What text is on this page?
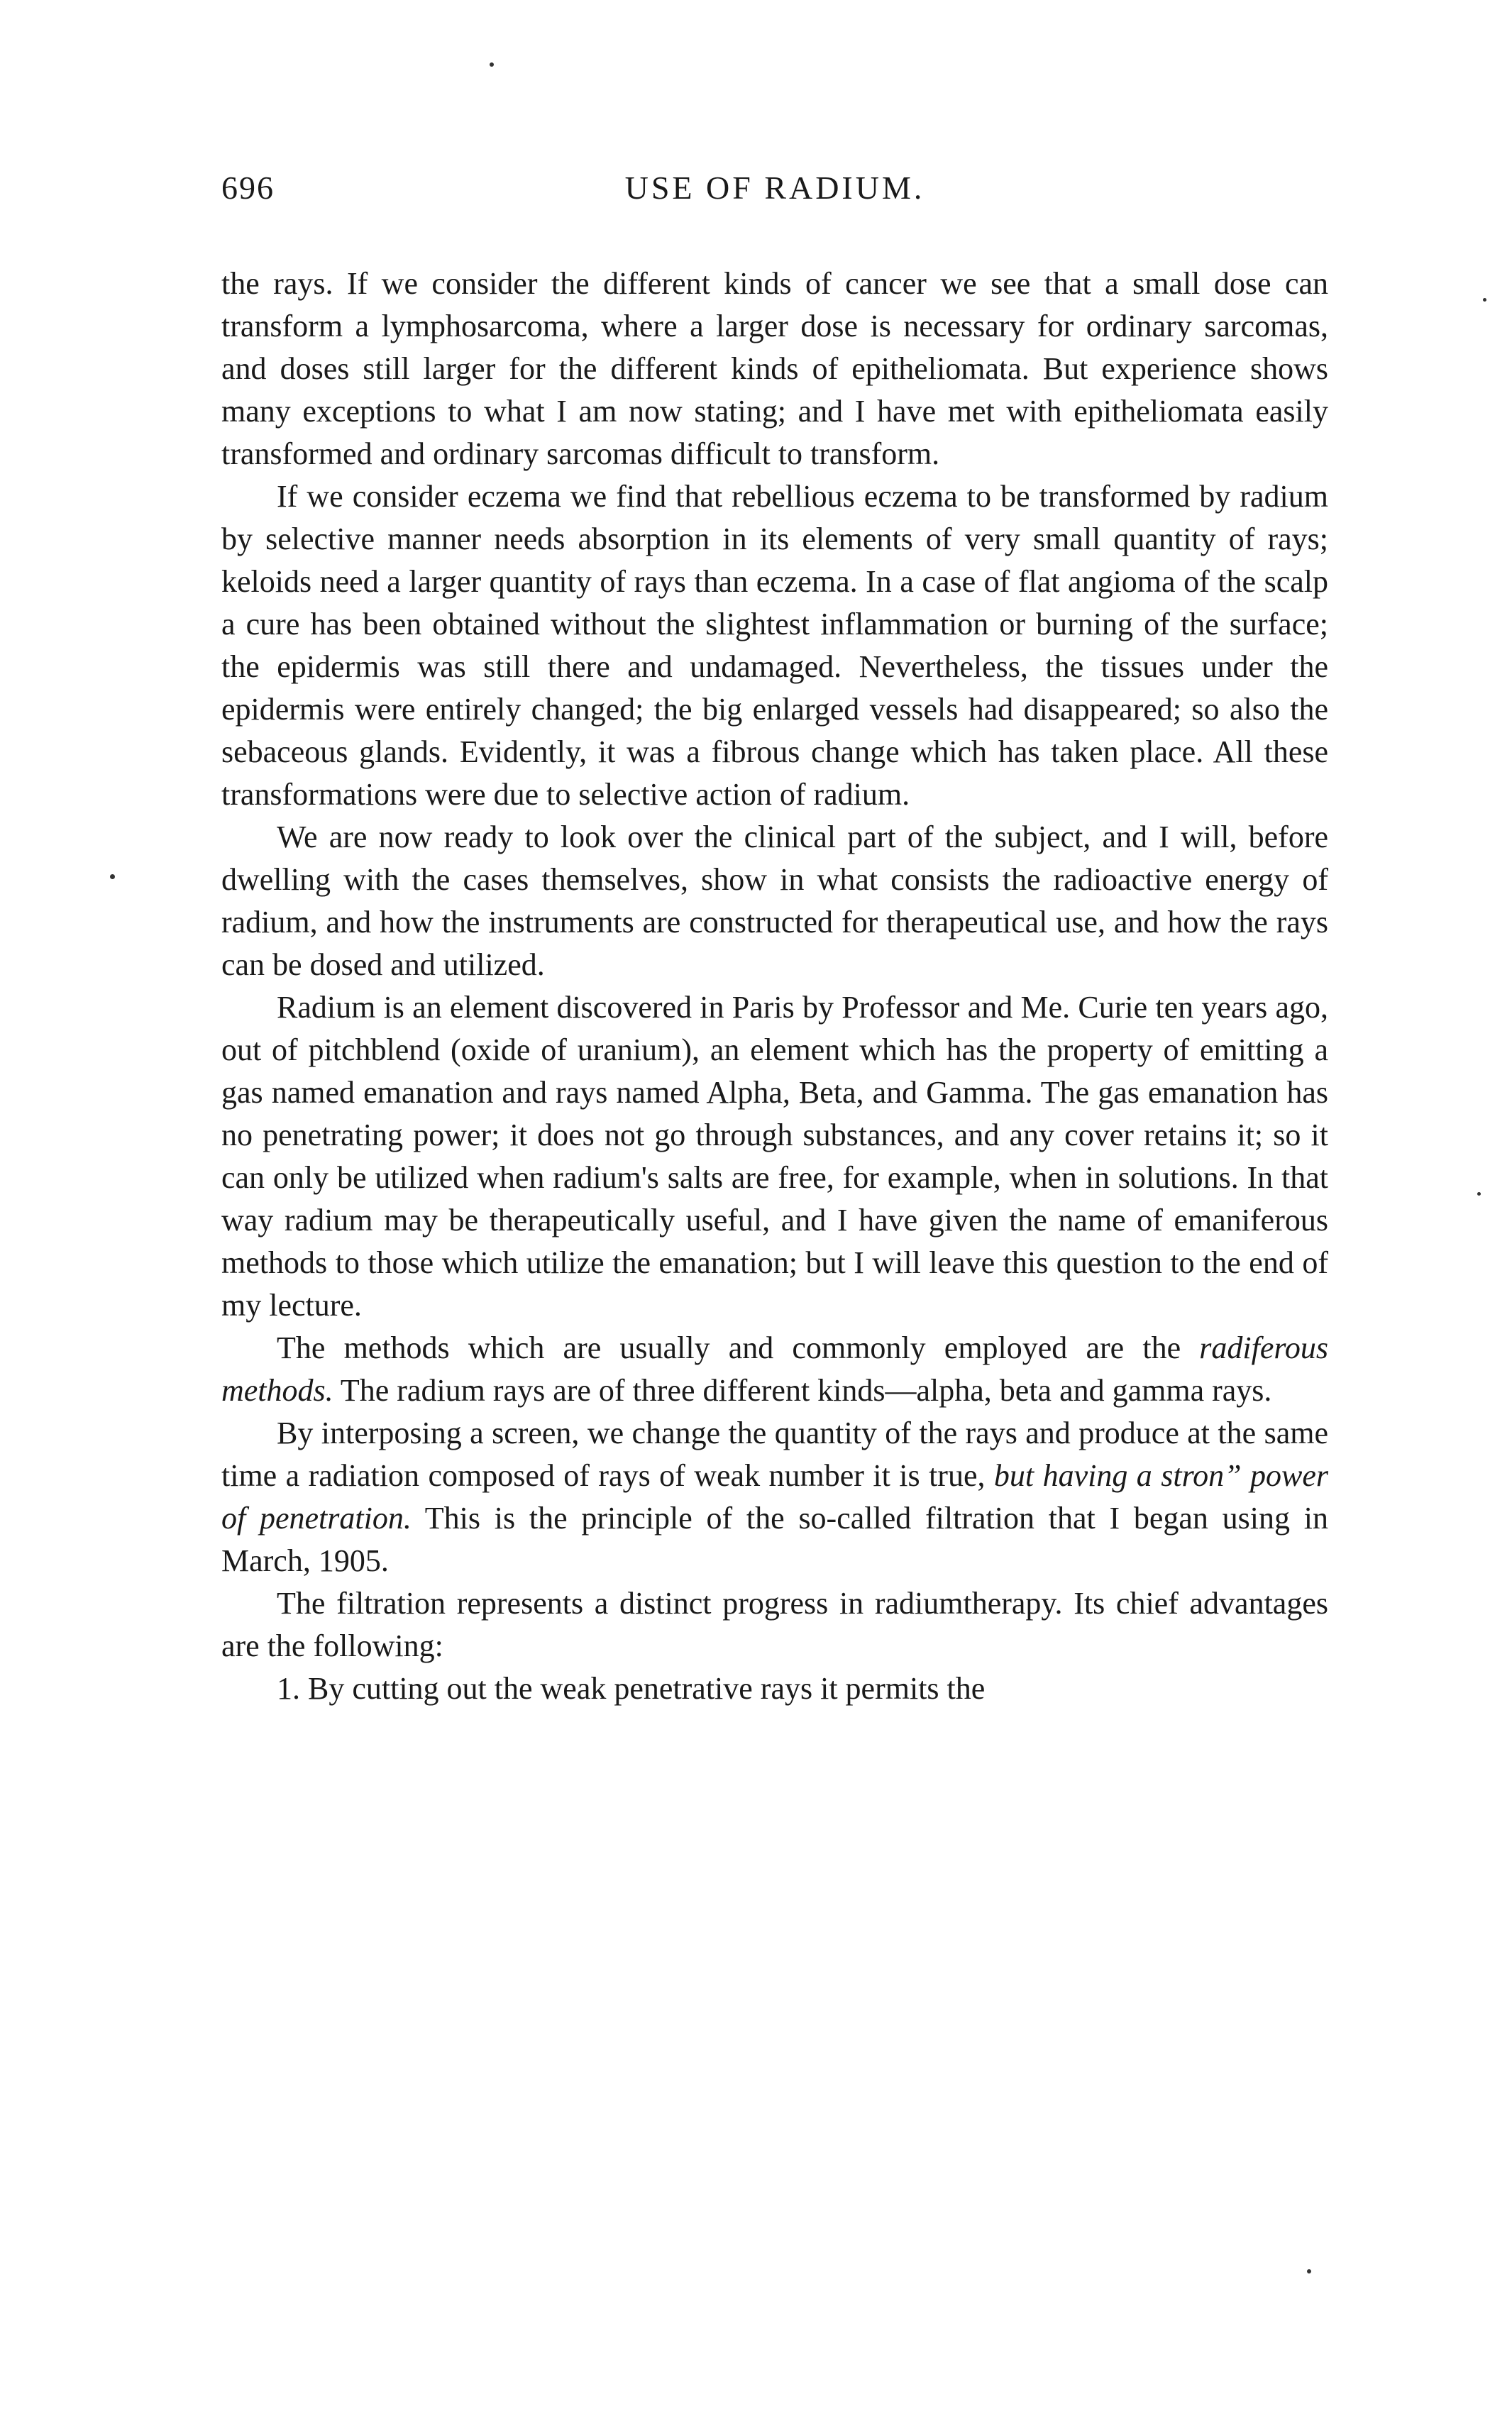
696	USE OF RADIUM.

the rays. If we consider the different kinds of cancer we see that a small dose can transform a lymphosarcoma, where a larger dose is necessary for ordinary sarcomas, and doses still larger for the different kinds of epitheliomata. But experience shows many exceptions to what I am now stating; and I have met with epitheliomata easily transformed and ordinary sarcomas difficult to transform.

If we consider eczema we find that rebellious eczema to be transformed by radium by selective manner needs absorption in its elements of very small quantity of rays; keloids need a larger quantity of rays than eczema. In a case of flat angioma of the scalp a cure has been obtained without the slightest inflammation or burning of the surface; the epidermis was still there and undamaged. Nevertheless, the tissues under the epidermis were entirely changed; the big enlarged vessels had disappeared; so also the sebaceous glands. Evidently, it was a fibrous change which has taken place. All these transformations were due to selective action of radium.

We are now ready to look over the clinical part of the subject, and I will, before dwelling with the cases themselves, show in what consists the radioactive energy of radium, and how the instruments are constructed for therapeutical use, and how the rays can be dosed and utilized.

Radium is an element discovered in Paris by Professor and Me. Curie ten years ago, out of pitchblend (oxide of uranium), an element which has the property of emitting a gas named emanation and rays named Alpha, Beta, and Gamma. The gas emanation has no penetrating power; it does not go through substances, and any cover retains it; so it can only be utilized when radium's salts are free, for example, when in solutions. In that way radium may be therapeutically useful, and I have given the name of emaniferous methods to those which utilize the emanation; but I will leave this question to the end of my lecture.

The methods which are usually and commonly employed are the radiferous methods. The radium rays are of three different kinds—alpha, beta and gamma rays.

By interposing a screen, we change the quantity of the rays and produce at the same time a radiation composed of rays of weak number it is true, but having a stron” power of penetration. This is the principle of the so-called filtration that I began using in March, 1905.

The filtration represents a distinct progress in radiumtherapy. Its chief advantages are the following:

1. By cutting out the weak penetrative rays it permits the
